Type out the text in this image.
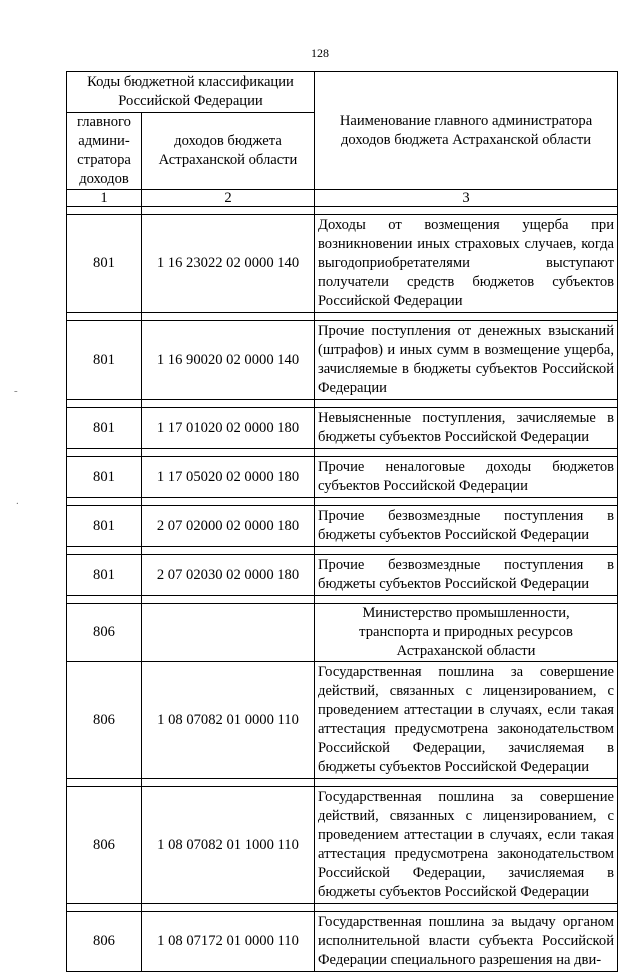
128
-
.
Коды бюджетной классификации Российской Федерации		Наименование главного администратора доходов бюджета Астраханской области
главного админи-стратора доходов	доходов бюджета Астраханской области	
1	2	3

801	1 16 23022 02 0000 140	Доходы от возмещения ущерба при возникновении иных страховых случаев, когда выгодоприобретателями выступают получатели средств бюджетов субъектов Российской Федерации

801	1 16 90020 02 0000 140	Прочие поступления от денежных взысканий (штрафов) и иных сумм в возмещение ущерба, зачисляемые в бюджеты субъектов Российской Федерации

801	1 17 01020 02 0000 180	Невыясненные поступления, зачисляемые в бюджеты субъектов Российской Федерации

801	1 17 05020 02 0000 180	Прочие неналоговые доходы бюджетов субъектов Российской Федерации

801	2 07 02000 02 0000 180	Прочие безвозмездные поступления в бюджеты субъектов Российской Федерации

801	2 07 02030 02 0000 180	Прочие безвозмездные поступления в бюджеты субъектов Российской Федерации

806		Министерство промышленности, транспорта и природных ресурсов Астраханской области
806	1 08 07082 01 0000 110	Государственная пошлина за совершение действий, связанных с лицензированием, с проведением аттестации в случаях, если такая аттестация предусмотрена законодательством Российской Федерации, зачисляемая в бюджеты субъектов Российской Федерации

806	1 08 07082 01 1000 110	Государственная пошлина за совершение действий, связанных с лицензированием, с проведением аттестации в случаях, если такая аттестация предусмотрена законодательством Российской Федерации, зачисляемая в бюджеты субъектов Российской Федерации

806	1 08 07172 01 0000 110	Государственная пошлина за выдачу органом исполнительной власти субъекта Российской Федерации специального разрешения на дви-
